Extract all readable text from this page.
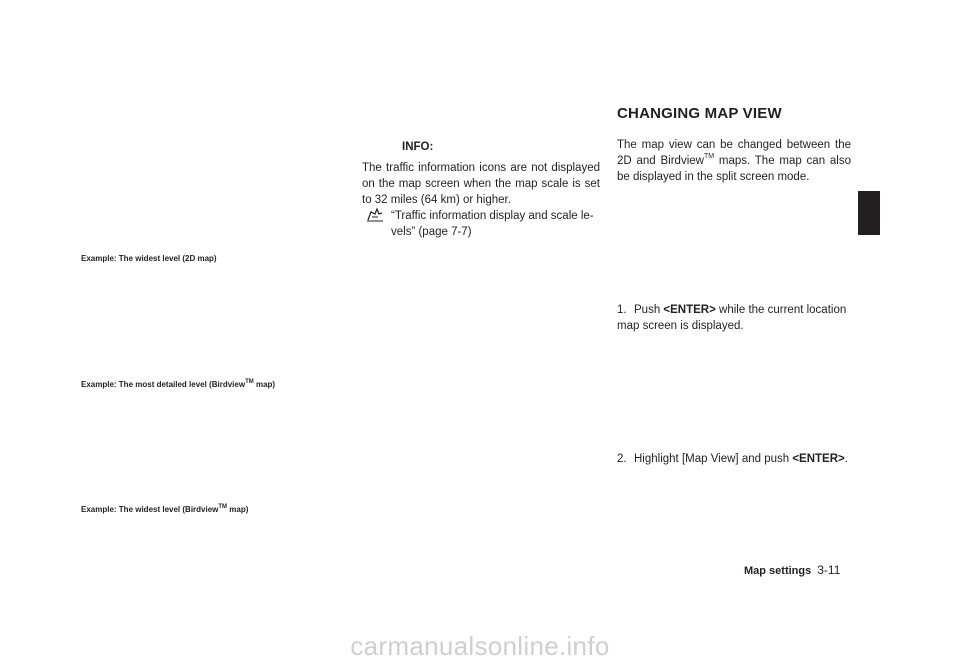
Example: The widest level (2D map)
Example: The most detailed level (Birdview™ map)
Example: The widest level (Birdview™ map)
INFO:
The traffic information icons are not displayed on the map screen when the map scale is set to 32 miles (64 km) or higher.
“Traffic information display and scale le-vels” (page 7-7)
CHANGING MAP VIEW
The map view can be changed between the 2D and Birdview™ maps. The map can also be displayed in the split screen mode.
1. Push <ENTER> while the current location map screen is displayed.
2. Highlight [Map View] and push <ENTER>.
Map settings 3-11
carmanualsonline.info
